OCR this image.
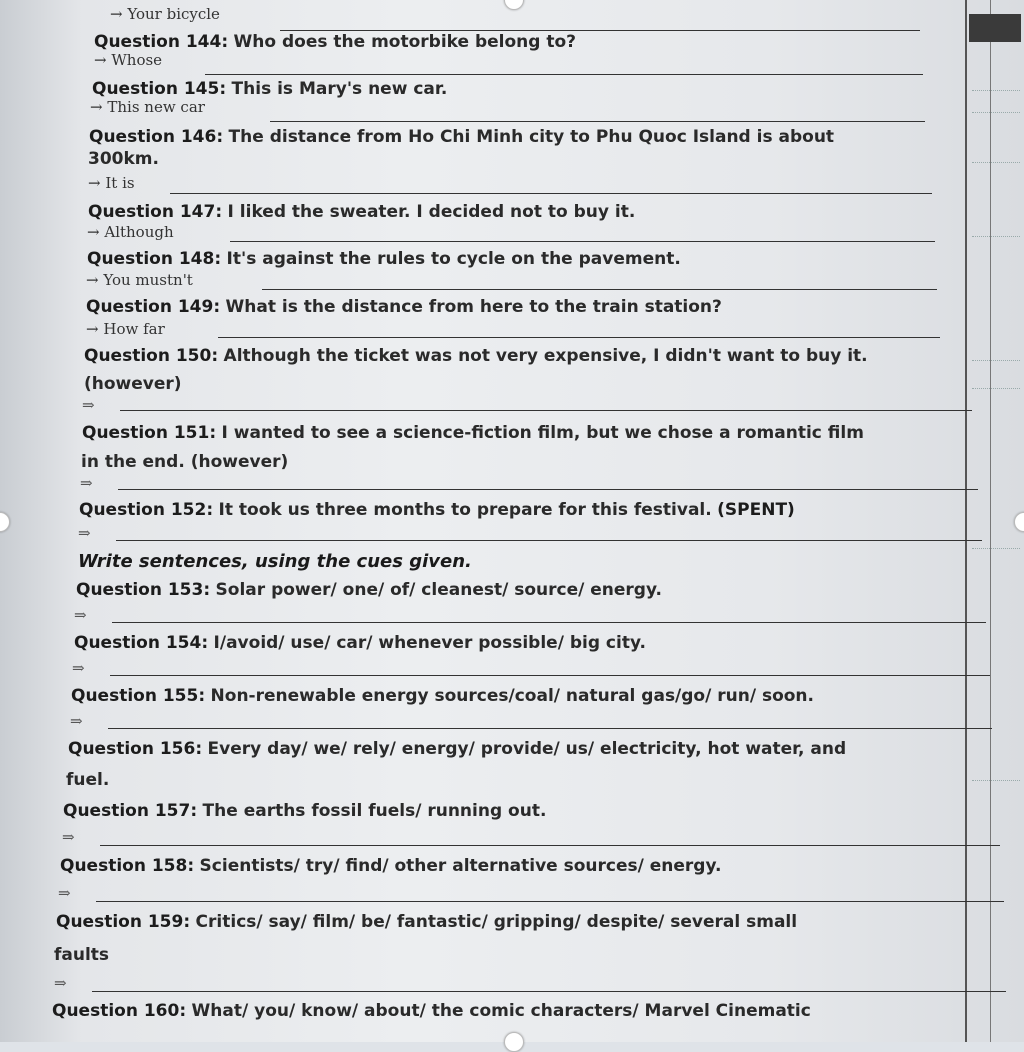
→ Your bicycle
Question 144: Who does the motorbike belong to?
→ Whose
Question 145: This is Mary's new car.
→ This new car
Question 146: The distance from Ho Chi Minh city to Phu Quoc Island is about
300km.
→ It is
Question 147: I liked the sweater. I decided not to buy it.
→ Although
Question 148: It's against the rules to cycle on the pavement.
→ You mustn't
Question 149: What is the distance from here to the train station?
→ How far
Question 150: Although the ticket was not very expensive, I didn't want to buy it.
(however)
⇒
Question 151: I wanted to see a science-fiction film, but we chose a romantic film
in the end. (however)
⇒
Question 152: It took us three months to prepare for this festival. (SPENT)
⇒
Write sentences, using the cues given.
Question 153: Solar power/ one/ of/ cleanest/ source/ energy.
⇒
Question 154: I/avoid/ use/ car/ whenever possible/ big city.
⇒
Question 155: Non-renewable energy sources/coal/ natural gas/go/ run/ soon.
⇒
Question 156: Every day/ we/ rely/ energy/ provide/ us/ electricity, hot water, and
fuel.
Question 157: The earths fossil fuels/ running out.
⇒
Question 158: Scientists/ try/ find/ other alternative sources/ energy.
⇒
Question 159: Critics/ say/ film/ be/ fantastic/ gripping/ despite/ several small
faults
⇒
Question 160: What/ you/ know/ about/ the comic characters/ Marvel Cinematic
